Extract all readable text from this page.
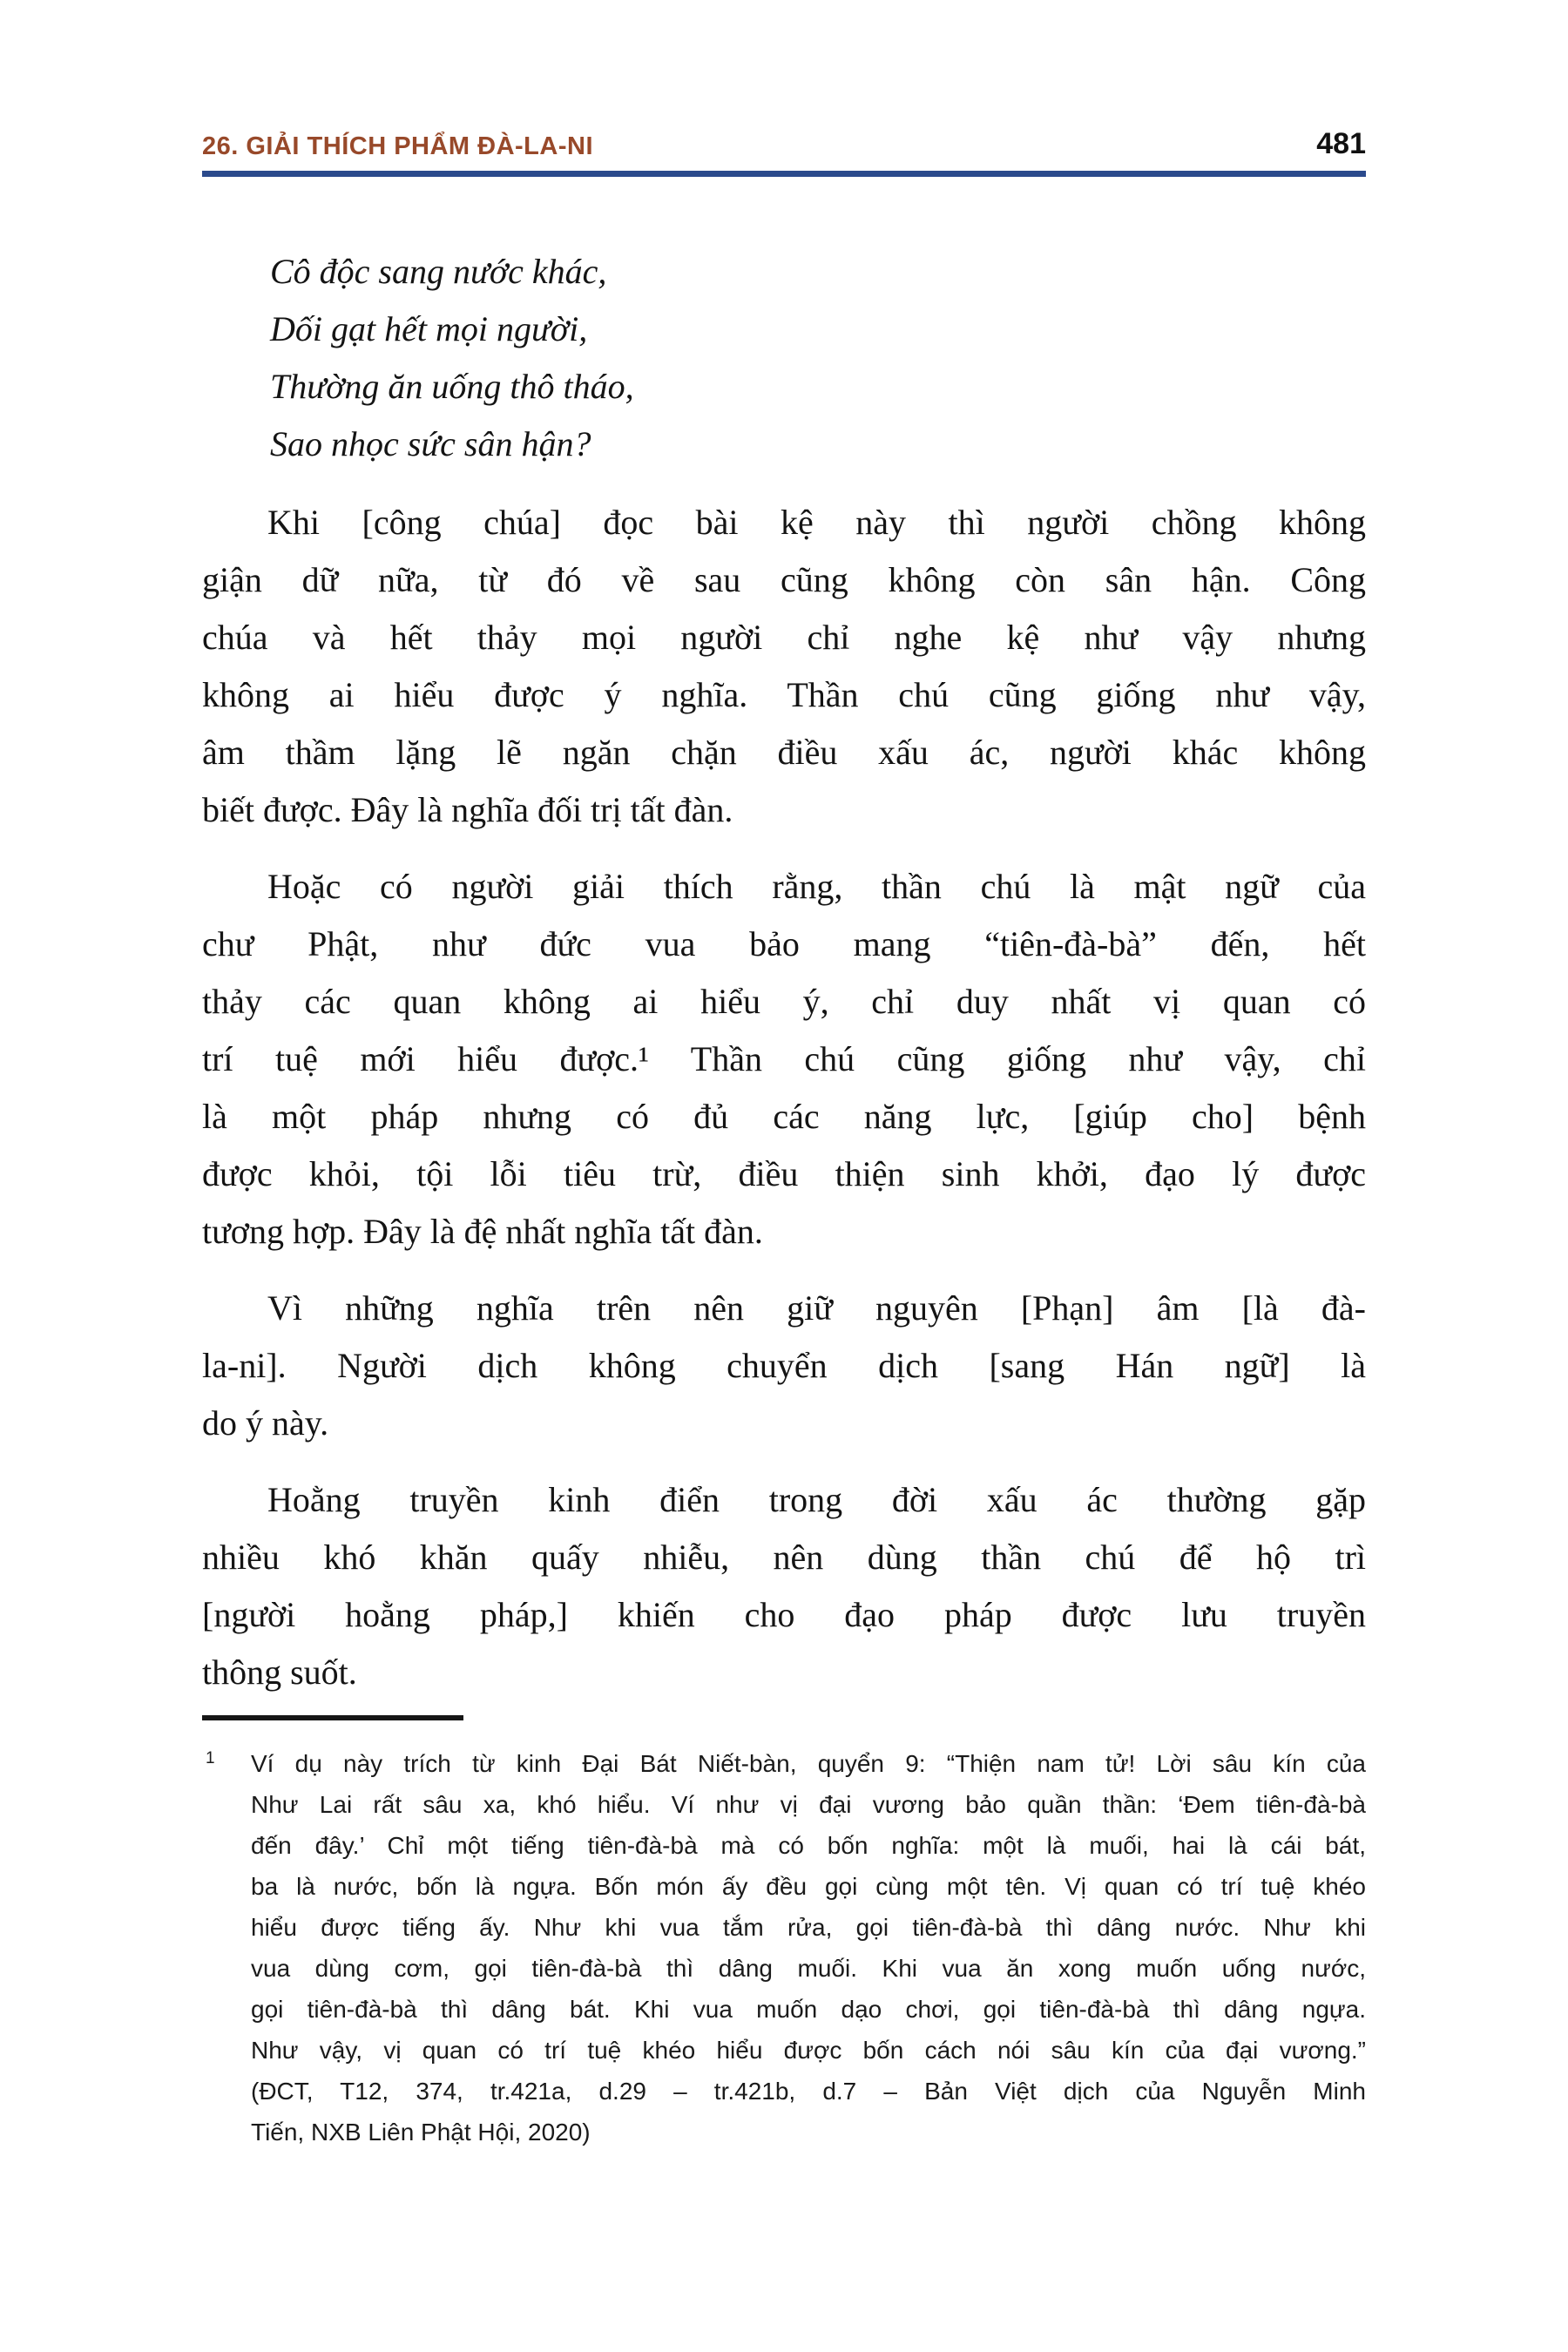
26. GIẢI THÍCH PHẨM ĐÀ-LA-NI	481
Cô độc sang nước khác,
Dối gạt hết mọi người,
Thường ăn uống thô tháo,
Sao nhọc sức sân hận?
Khi [công chúa] đọc bài kệ này thì người chồng không
giận dữ nữa, từ đó về sau cũng không còn sân hận. Công
chúa và hết thảy mọi người chỉ nghe kệ như vậy nhưng
không ai hiểu được ý nghĩa. Thần chú cũng giống như vậy,
âm thầm lặng lẽ ngăn chặn điều xấu ác, người khác không
biết được. Đây là nghĩa đối trị tất đàn.
Hoặc có người giải thích rằng, thần chú là mật ngữ của
chư Phật, như đức vua bảo mang “tiên-đà-bà” đến, hết
thảy các quan không ai hiểu ý, chỉ duy nhất vị quan có
trí tuệ mới hiểu được.¹ Thần chú cũng giống như vậy, chỉ
là một pháp nhưng có đủ các năng lực, [giúp cho] bệnh
được khỏi, tội lỗi tiêu trừ, điều thiện sinh khởi, đạo lý được
tương hợp. Đây là đệ nhất nghĩa tất đàn.
Vì những nghĩa trên nên giữ nguyên [Phạn] âm [là đà-
la-ni]. Người dịch không chuyển dịch [sang Hán ngữ] là
do ý này.
Hoằng truyền kinh điển trong đời xấu ác thường gặp
nhiều khó khăn quấy nhiễu, nên dùng thần chú để hộ trì
[người hoằng pháp,] khiến cho đạo pháp được lưu truyền
thông suốt.
1 Ví dụ này trích từ kinh Đại Bát Niết-bàn, quyển 9: “Thiện nam tử! Lời sâu kín của
Như Lai rất sâu xa, khó hiểu. Ví như vị đại vương bảo quần thần: ‘Đem tiên-đà-bà
đến đây.’ Chỉ một tiếng tiên-đà-bà mà có bốn nghĩa: một là muối, hai là cái bát,
ba là nước, bốn là ngựa. Bốn món ấy đều gọi cùng một tên. Vị quan có trí tuệ khéo
hiểu được tiếng ấy. Như khi vua tắm rửa, gọi tiên-đà-bà thì dâng nước. Như khi
vua dùng cơm, gọi tiên-đà-bà thì dâng muối. Khi vua ăn xong muốn uống nước,
gọi tiên-đà-bà thì dâng bát. Khi vua muốn dạo chơi, gọi tiên-đà-bà thì dâng ngựa.
Như vậy, vị quan có trí tuệ khéo hiểu được bốn cách nói sâu kín của đại vương.”
(ĐCT, T12, 374, tr.421a, d.29 – tr.421b, d.7 – Bản Việt dịch của Nguyễn Minh
Tiến, NXB Liên Phật Hội, 2020)
